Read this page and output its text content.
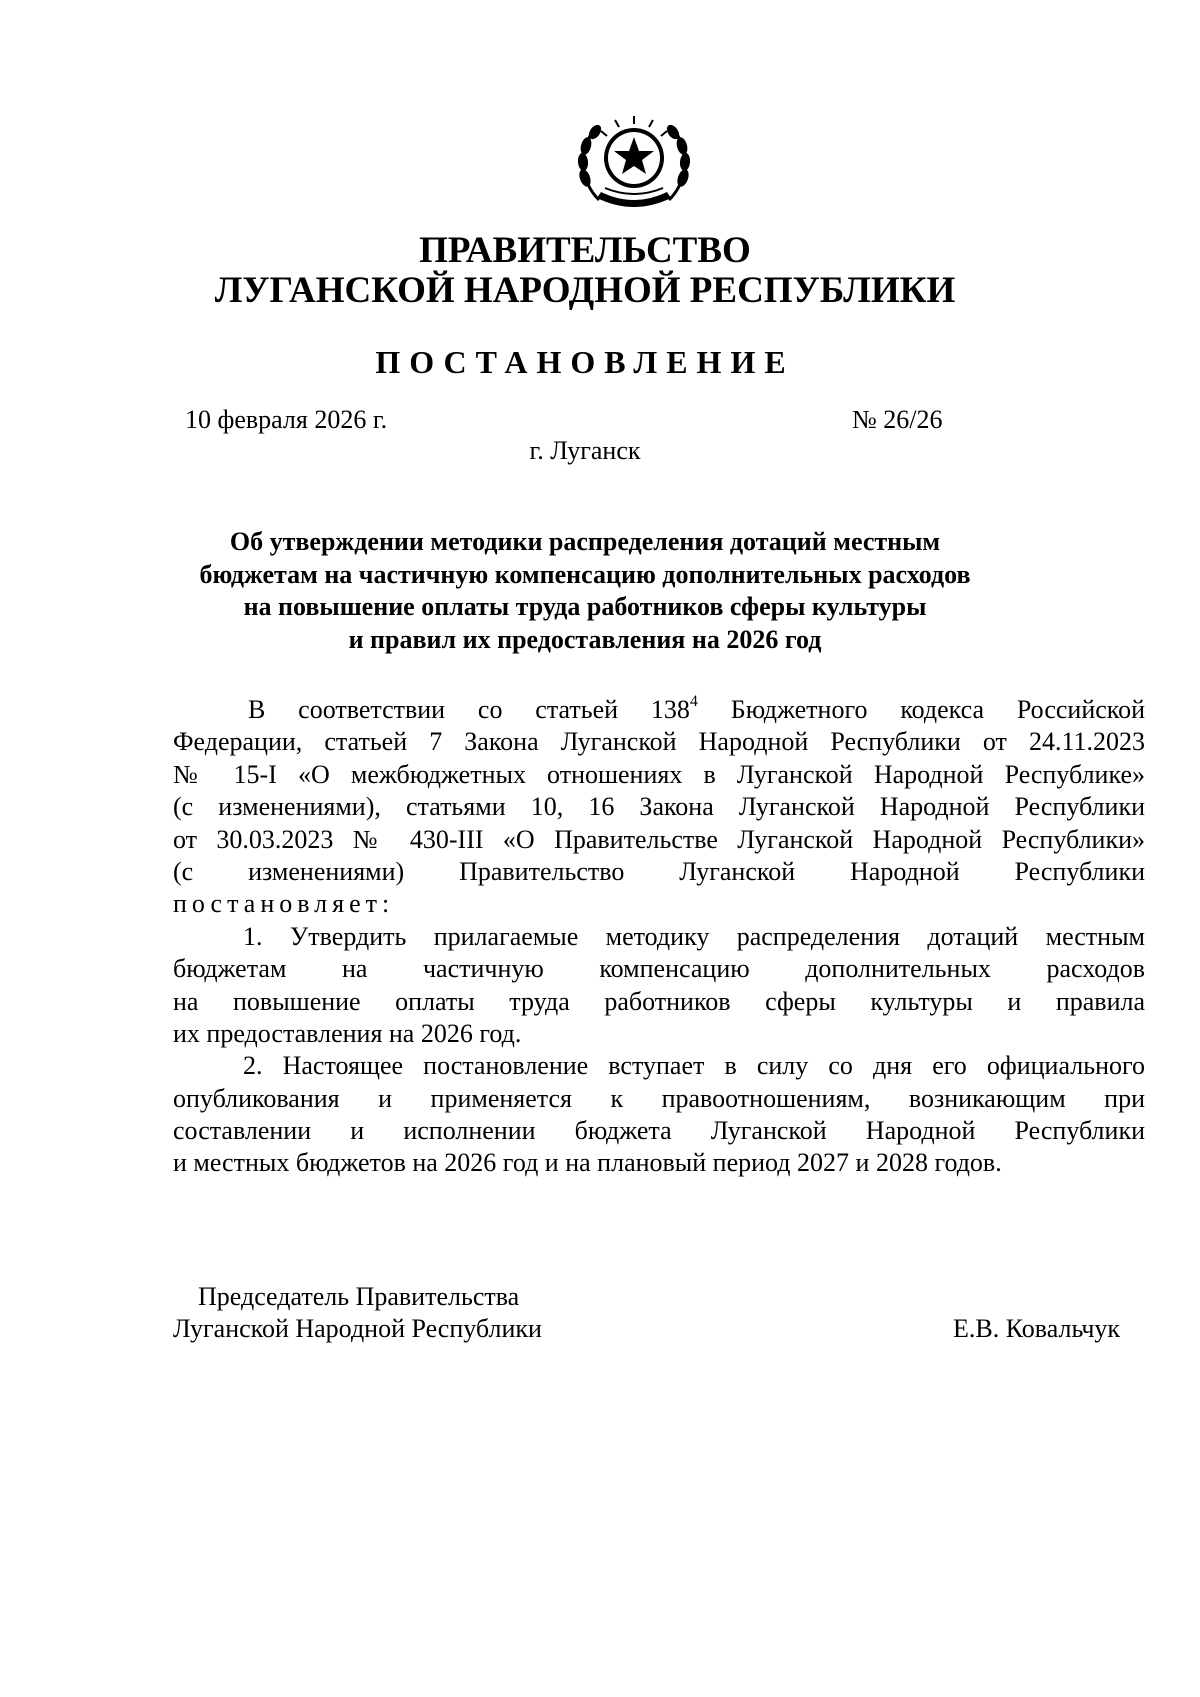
ПРАВИТЕЛЬСТВО
ЛУГАНСКОЙ НАРОДНОЙ РЕСПУБЛИКИ
ПОСТАНОВЛЕНИЕ
10 февраля 2026 г.	№ 26/26
г. Луганск
Об утверждении методики распределения дотаций местным
бюджетам на частичную компенсацию дополнительных расходов
на повышение оплаты труда работников сферы культуры
и правил их предоставления на 2026 год
В соответствии со статьей $138^4$ Бюджетного кодекса Российской
Федерации, статьей 7 Закона Луганской Народной Республики от 24.11.2023
№ 15-I «О межбюджетных отношениях в Луганской Народной Республике»
(с изменениями), статьями 10, 16 Закона Луганской Народной Республики
от 30.03.2023 № 430-III «О Правительстве Луганской Народной Республики»
(с изменениями) Правительство Луганской Народной Республики
постановляет:
1. Утвердить прилагаемые методику распределения дотаций местным
бюджетам на частичную компенсацию дополнительных расходов
на повышение оплаты труда работников сферы культуры и правила
их предоставления на 2026 год.
2. Настоящее постановление вступает в силу со дня его официального
опубликования и применяется к правоотношениям, возникающим при
составлении и исполнении бюджета Луганской Народной Республики
и местных бюджетов на 2026 год и на плановый период 2027 и 2028 годов.
Председатель Правительства
Луганской Народной Республики	Е.В. Ковальчук
